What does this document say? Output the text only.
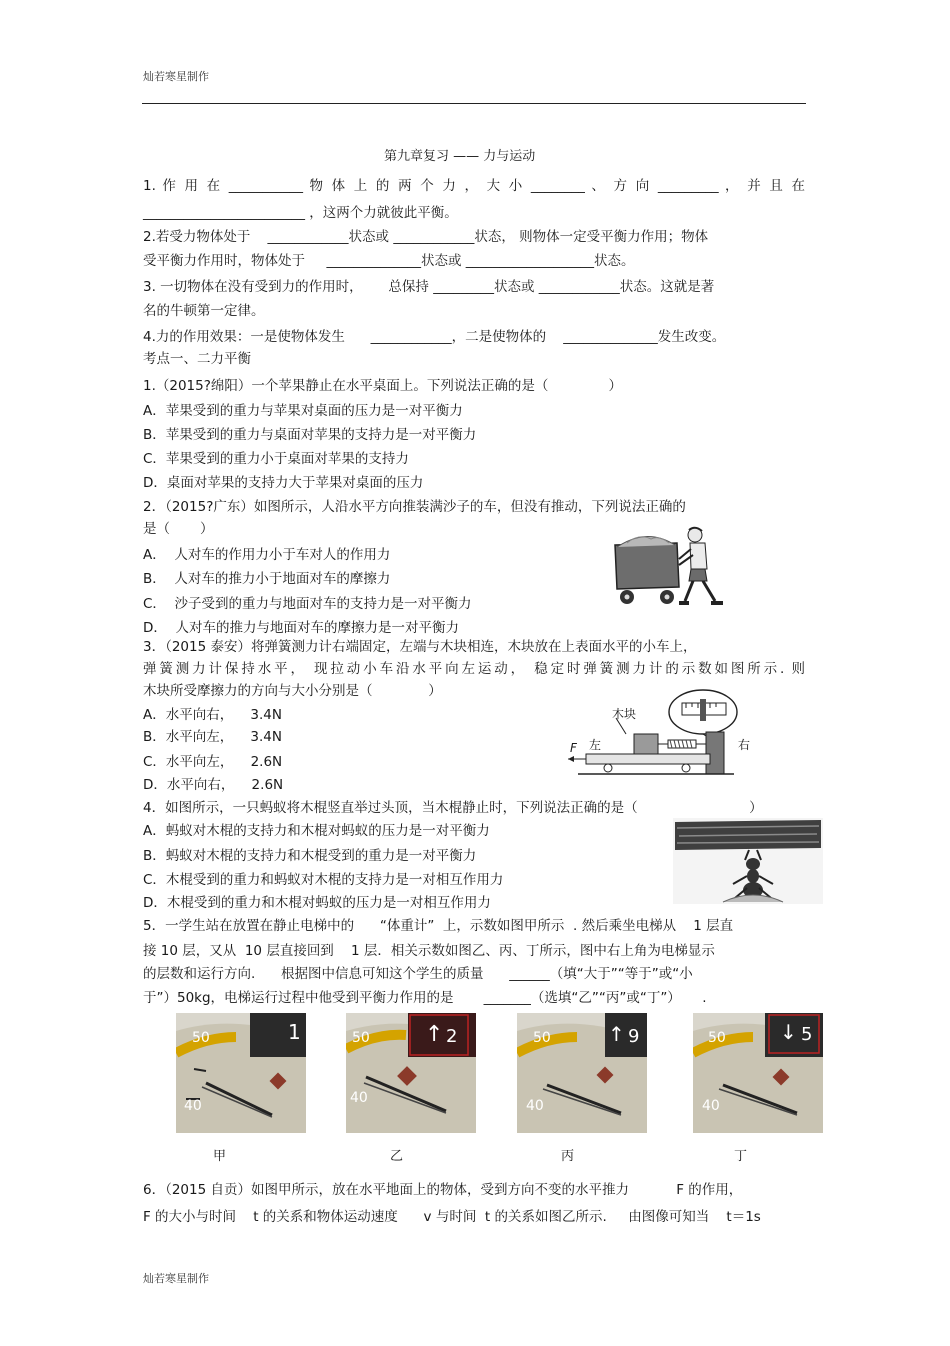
灿若寒星制作
第九章复习 —— 力与运动
1. 作 用 在 ___________ 物 体 上 的 两 个 力 ， 大 小 ________ 、 方 向 _________ ， 并 且 在
________________________ ，这两个力就彼此平衡。
2.若受力物体处于    ____________状态或 ____________状态， 则物体一定受平衡力作用；物体
受平衡力作用时，物体处于     ______________状态或 ___________________状态。
3. 一切物体在没有受到力的作用时，      总保持 _________状态或 ____________状态。这就是著
名的牛顿第一定律。
4.力的作用效果：一是使物体发生      ____________，二是使物体的    ______________发生改变。
考点一、二力平衡
1.（2015?绵阳）一个苹果静止在水平桌面上。下列说法正确的是（              ）
A．苹果受到的重力与苹果对桌面的压力是一对平衡力
B．苹果受到的重力与桌面对苹果的支持力是一对平衡力
C．苹果受到的重力小于桌面对苹果的支持力
D．桌面对苹果的支持力大于苹果对桌面的压力
2．（2015?广东）如图所示，人沿水平方向推装满沙子的车，但没有推动，下列说法正确的
是（       ）
A．  人对车的作用力小于车对人的作用力
B．  人对车的推力小于地面对车的摩擦力
C．  沙子受到的重力与地面对车的支持力是一对平衡力
D．  人对车的推力与地面对车的摩擦力是一对平衡力
3．（2015 泰安）将弹簧测力计右端固定，左端与木块相连，木块放在上表面水平的小车上，
弹簧测力计保持水平， 现拉动小车沿水平向左运动， 稳定时弹簧测力计的示数如图所示. 则
木块所受摩擦力的方向与大小分别是（             ）
A．水平向右，    3.4N
B．水平向左，    3.4N
C．水平向左，    2.6N
D．水平向右，    2.6N
4．如图所示，一只蚂蚁将木棍竖直举过头顶，当木棍静止时，下列说法正确的是（                          ）
A．蚂蚁对木棍的支持力和木棍对蚂蚁的压力是一对平衡力
B．蚂蚁对木棍的支持力和木棍受到的重力是一对平衡力
C．木棍受到的重力和蚂蚁对木棍的支持力是一对相互作用力
D．木棍受到的重力和木棍对蚂蚁的压力是一对相互作用力
5．一学生站在放置在静止电梯中的      “体重计”  上，示数如图甲所示  . 然后乘坐电梯从    1 层直
接 10 层，又从  10 层直接回到    1 层．相关示数如图乙、丙、丁所示，图中右上角为电梯显示
的层数和运行方向.      根据图中信息可知这个学生的质量      ______（填“大于”“等于”或“小
于”）50kg，电梯运行过程中他受到平衡力作用的是       _______（选填“乙”“丙”或“丁”）     .
6．（2015 自贡）如图甲所示，放在水平地面上的物体，受到方向不变的水平推力           F 的作用，
F 的大小与时间    t 的关系和物体运动速度      v 与时间  t 的关系如图乙所示.     由图像可知当    t＝1s
木块
左	右
F
50
40
1
甲
50
40
↑ 2
乙
50
40
↑ 9
丙
50
40
↓ 5
丁
灿若寒星制作
